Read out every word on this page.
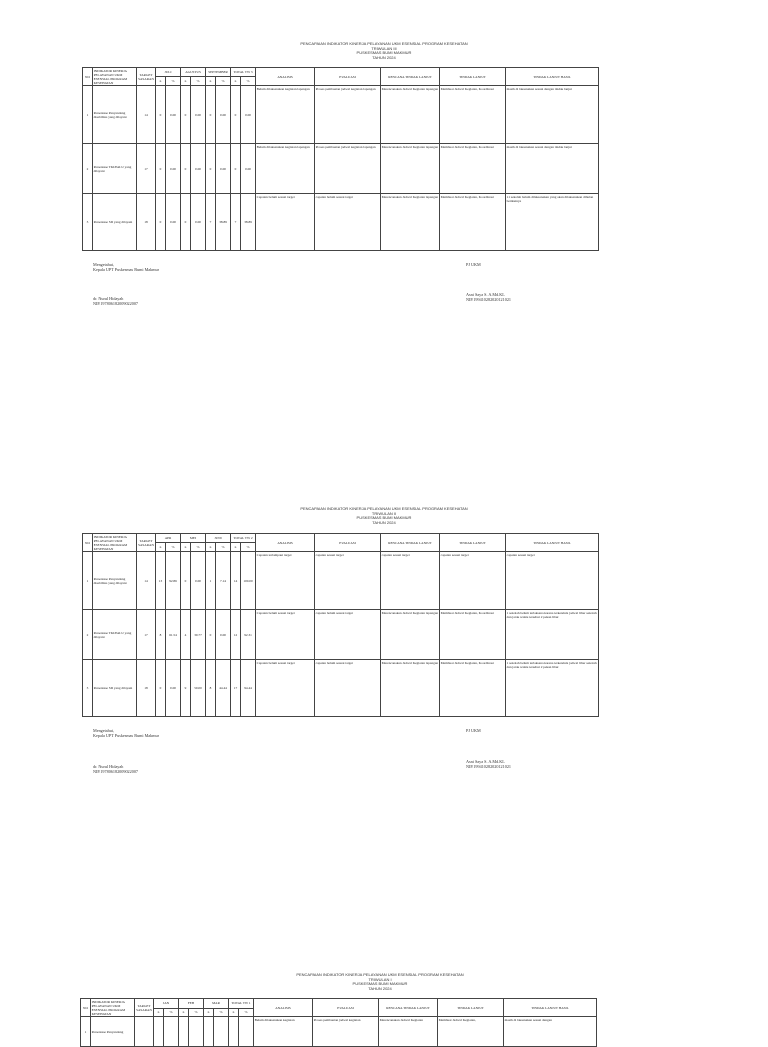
PENCAPAIAN INDIKATOR KINERJA PELAYANAN UKM ESENSIAL PROGRAM KESEHATAN
TRIWULAN III
PUSKESMAS BUMI MAKMUR
TAHUN 2024
NO	INDIKATOR KINERJA PELAYANAN UKM ESENSIAL PROGRAM KESEHATAN	TARGET SASARAN	JULI		AGUSTUS		SEPTEMBER		TOTAL TW 3		ANALISIS	EVALUASI	RENCANA TINDAK LANJUT	TINDAK LANJUT	TINDAK LANJUT HASIL
			n	%	n	%	n	%	n	%					
1	Persentase Penyandang disabilitas yang dilayani	14	0	0.00	0	0.00	0	0.00	0	0.00	Belum dilaksanakan kegiatan lapangan	Proses pembuatan jadwal kegiatan lapangan	Merencanakan Jadwal Kegiatan lapangan	Membuat Jadwal Kegiatan, Koordinasi	masih di laksanakan sesuai dengan tindak lanjut
2	Persentase TKI/PALU yang dilayani	17	0	0.00	0	0.00	0	0.00	0	0.00	Belum dilaksanakan kegiatan lapangan	Proses pembuatan jadwal kegiatan lapangan	Merencanakan Jadwal Kegiatan lapangan	Membuat Jadwal Kegiatan, Koordinasi	masih di laksanakan sesuai dengan tindak lanjut
3	Persentase SD yang dilayani	18	0	0.00	0	0.00	7	38.89	7	38.89	Capaian belum sesuai target	capaian belum sesuai target	Merencanakan Jadwal Kegiatan lapangan	Membuat Jadwal Kegiatan, Koordinasi	11 sekolah belum dilaksanakan yang akan dilaksanakan dibulan berikutnya
Mengetahui,
Kepala UPT Puskesmas Bumi Makmur
dr. Nurul Hidayah
NIP.197806182009022007
PJ UKM
Asni Saya S. A.Md.KL
NIP.199410282020121021
PENCAPAIAN INDIKATOR KINERJA PELAYANAN UKM ESENSIAL PROGRAM KESEHATAN
TRIWULAN II
PUSKESMAS BUMI MAKMUR
TAHUN 2024
NO	INDIKATOR KINERJA PELAYANAN UKM ESENSIAL PROGRAM KESEHATAN	TARGET SASARAN	APR		MEI		JUNI		TOTAL TW 2		ANALISIS	EVALUASI	RENCANA TINDAK LANJUT	TINDAK LANJUT	TINDAK LANJUT HASIL
			n	%	n	%	n	%	n	%					
1	Persentase Penyandang disabilitas yang dilayani	14	13	92.86	0	0.00	1	7.14	14	100.00	Capaian terlampaui target	capaian sesuai target	capaian sesuai target	capaian sesuai target	capaian sesuai target
2	Persentase TKI/PALU yang dilayani	17	8	61.54	4	30.77	0	0.00	12	92.31	Capaian belum sesuai target	capaian belum sesuai target	Merencanakan Jadwal Kegiatan lapangan	Membuat Jadwal Kegiatan, Koordinasi	1 sekolah belum terlaksana karena terkendala jadwal libur sekolah dan jarak waktu tersebut 2 pekan libur
3	Persentase SD yang dilayani	18	0	0.00	9	50.00	8	44.44	17	94.44	Capaian belum sesuai target	capaian belum sesuai target	Merencanakan Jadwal Kegiatan lapangan	Membuat Jadwal Kegiatan, Koordinasi	1 sekolah belum terlaksana karena terkendala jadwal libur sekolah dan jarak waktu tersebut 2 pekan libur
Mengetahui,
Kepala UPT Puskesmas Bumi Makmur
dr. Nurul Hidayah
NIP.197806182009022007
PJ UKM
Asni Saya S. A.Md.KL
NIP.199410282020121021
PENCAPAIAN INDIKATOR KINERJA PELAYANAN UKM ESENSIAL PROGRAM KESEHATAN
TRIWULAN I
PUSKESMAS BUMI MAKMUR
TAHUN 2024
NO	INDIKATOR KINERJA PELAYANAN UKM ESENSIAL PROGRAM KESEHATAN	TARGET SASARAN	JAN		FEB		MAR		TOTAL TW 1		ANALISIS	EVALUASI	RENCANA TINDAK LANJUT	TINDAK LANJUT	TINDAK LANJUT HASIL
			n	%	n	%	n	%	n	%					
1	Persentase Penyandang										Belum dilaksanakan kegiatan	Proses pembuatan jadwal kegiatan	Merencanakan Jadwal Kegiatan	Membuat Jadwal Kegiatan,	masih di laksanakan sesuai dengan
